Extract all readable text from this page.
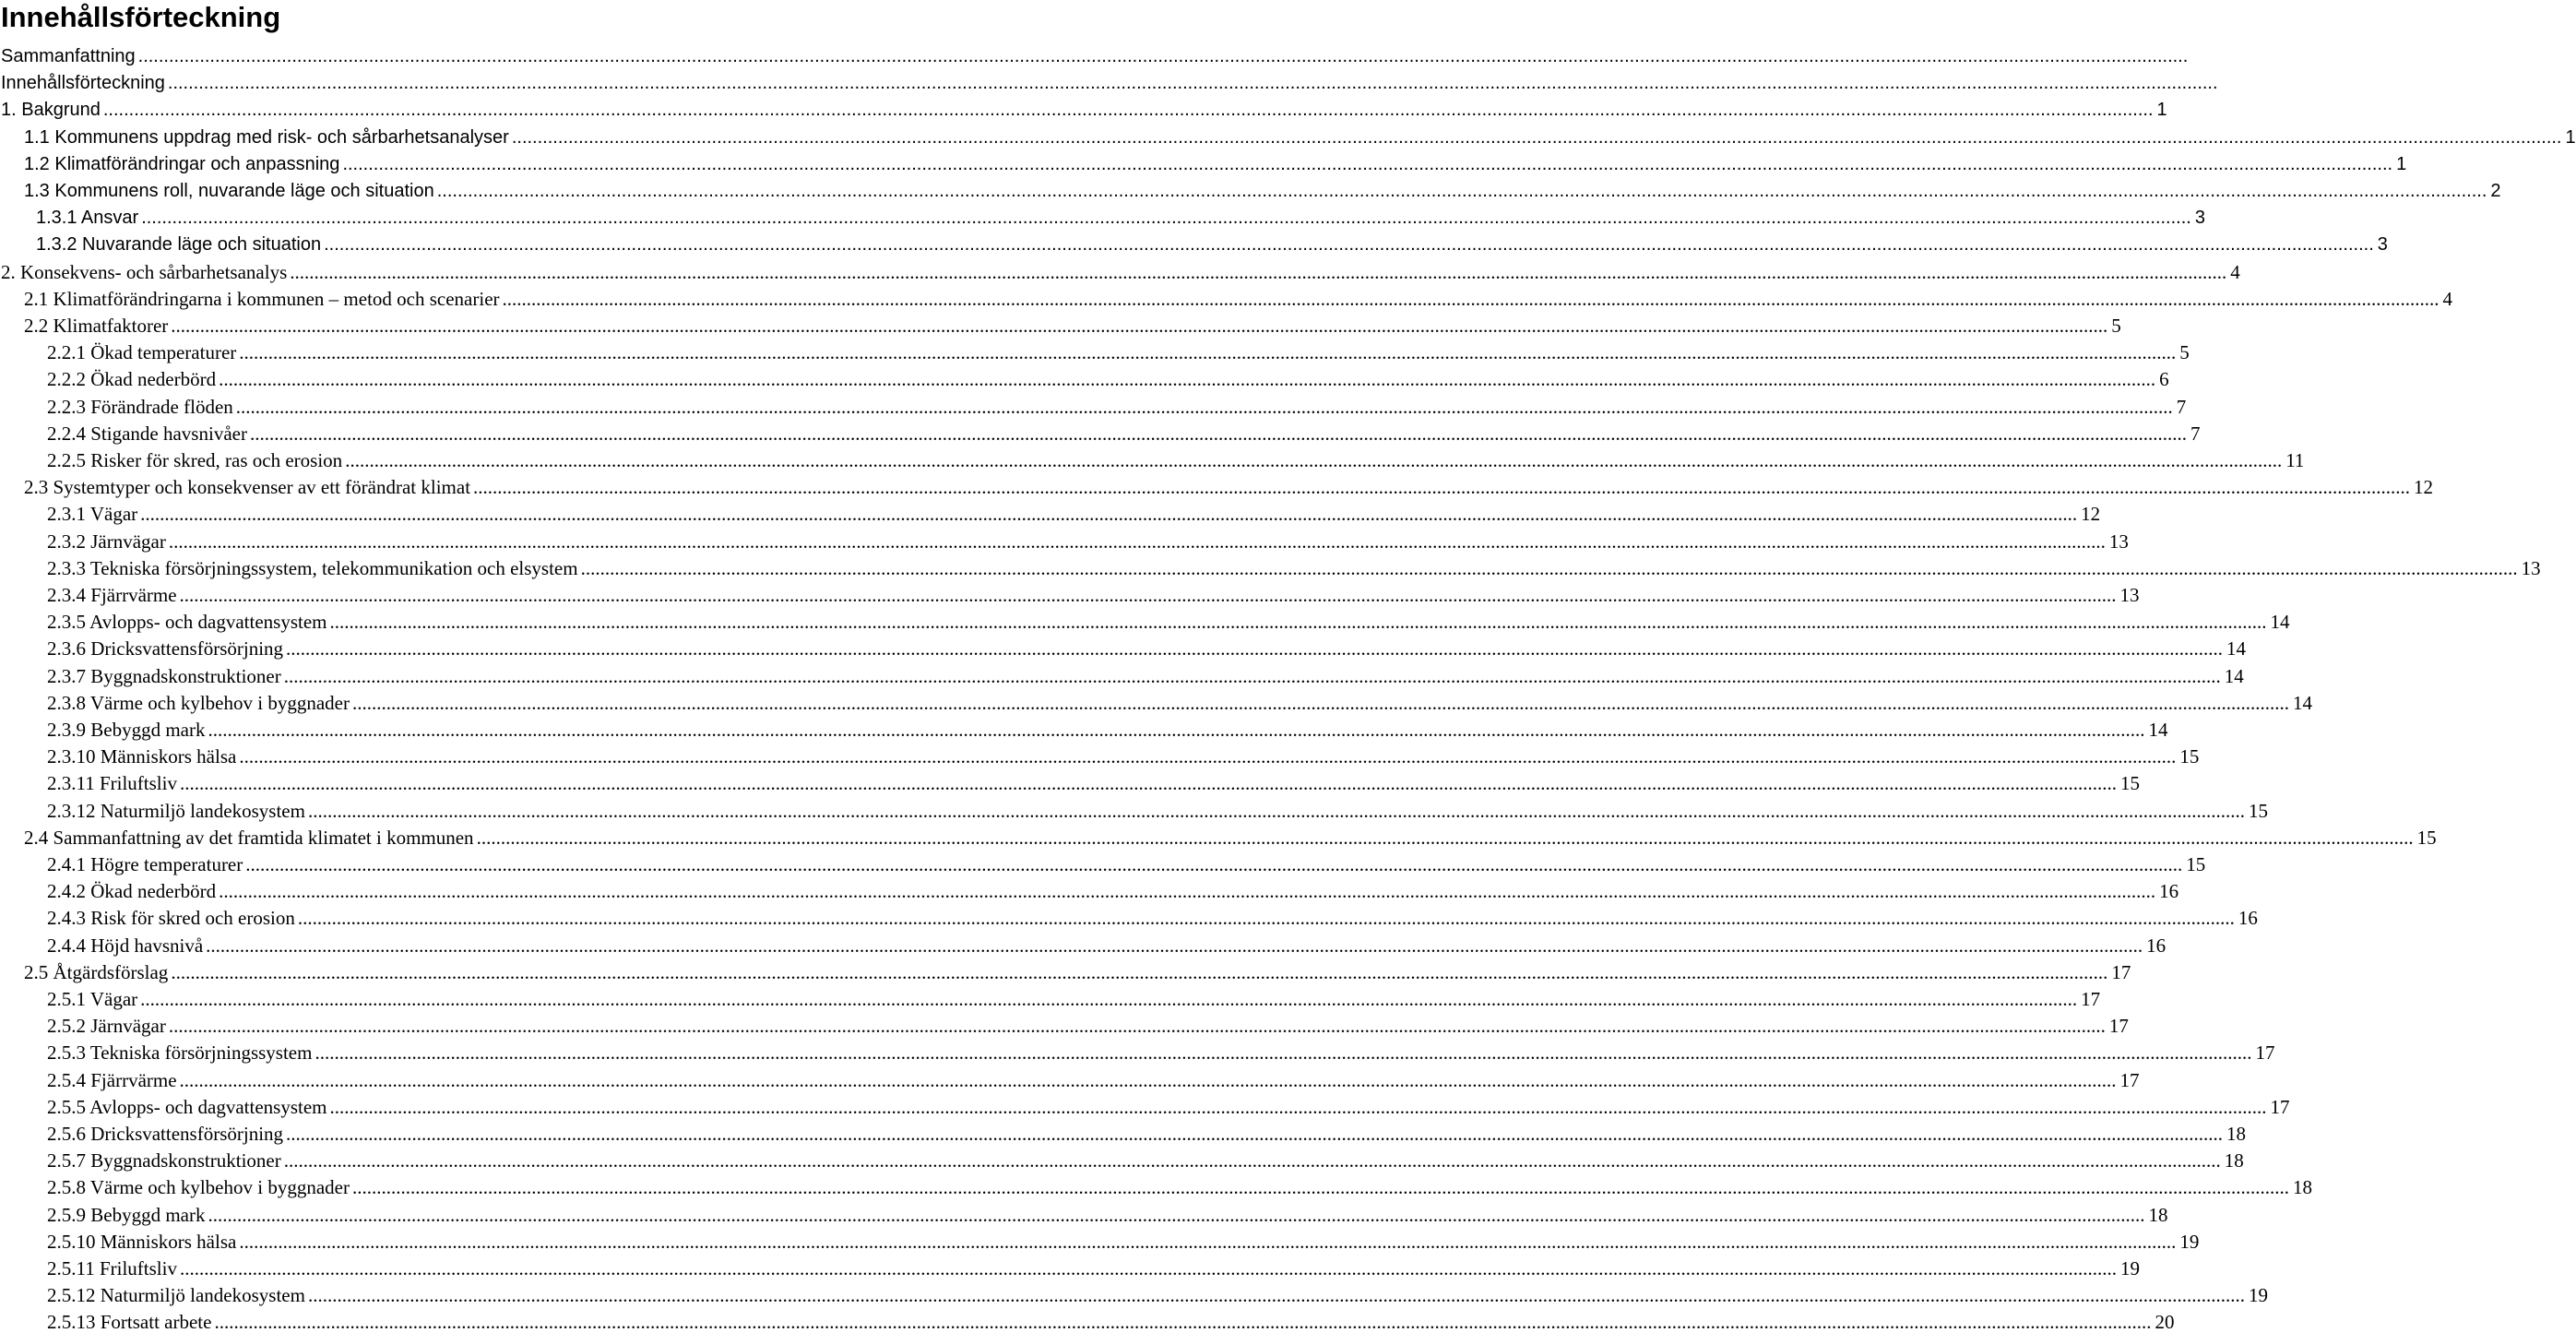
Innehållsförteckning
Sammanfattning ................................................................................................................................................................................................................................................................................................................................................................................................................
Innehållsförteckning ................................................................................................................................................................................................................................................................................................................................................................................................................
1. Bakgrund ................................................................................................................................................................................................................................................................................................................................................................................................................ 1
1.1 Kommunens uppdrag med risk- och sårbarhetsanalyser ................................................................................................................................................................................................................................................................................................................................................................................................................ 1
1.2 Klimatförändringar och anpassning ................................................................................................................................................................................................................................................................................................................................................................................................................ 1
1.3 Kommunens roll, nuvarande läge och situation ................................................................................................................................................................................................................................................................................................................................................................................................................ 2
1.3.1 Ansvar ................................................................................................................................................................................................................................................................................................................................................................................................................ 3
1.3.2 Nuvarande läge och situation ................................................................................................................................................................................................................................................................................................................................................................................................................ 3
2. Konsekvens- och sårbarhetsanalys ................................................................................................................................................................................................................................................................................................................................................................................................................ 4
2.1 Klimatförändringarna i kommunen – metod och scenarier ................................................................................................................................................................................................................................................................................................................................................................................................................ 4
2.2 Klimatfaktorer ................................................................................................................................................................................................................................................................................................................................................................................................................ 5
2.2.1 Ökad temperaturer ................................................................................................................................................................................................................................................................................................................................................................................................................ 5
2.2.2 Ökad nederbörd ................................................................................................................................................................................................................................................................................................................................................................................................................ 6
2.2.3 Förändrade flöden ................................................................................................................................................................................................................................................................................................................................................................................................................ 7
2.2.4 Stigande havsnivåer ................................................................................................................................................................................................................................................................................................................................................................................................................ 7
2.2.5 Risker för skred, ras och erosion ................................................................................................................................................................................................................................................................................................................................................................................................................ 11
2.3 Systemtyper och konsekvenser av ett förändrat klimat ................................................................................................................................................................................................................................................................................................................................................................................................................ 12
2.3.1 Vägar ................................................................................................................................................................................................................................................................................................................................................................................................................ 12
2.3.2 Järnvägar ................................................................................................................................................................................................................................................................................................................................................................................................................ 13
2.3.3 Tekniska försörjningssystem, telekommunikation och elsystem ................................................................................................................................................................................................................................................................................................................................................................................................................ 13
2.3.4 Fjärrvärme ................................................................................................................................................................................................................................................................................................................................................................................................................ 13
2.3.5 Avlopps- och dagvattensystem ................................................................................................................................................................................................................................................................................................................................................................................................................ 14
2.3.6 Dricksvattensförsörjning ................................................................................................................................................................................................................................................................................................................................................................................................................ 14
2.3.7 Byggnadskonstruktioner ................................................................................................................................................................................................................................................................................................................................................................................................................ 14
2.3.8 Värme och kylbehov i byggnader ................................................................................................................................................................................................................................................................................................................................................................................................................ 14
2.3.9 Bebyggd mark ................................................................................................................................................................................................................................................................................................................................................................................................................ 14
2.3.10 Människors hälsa ................................................................................................................................................................................................................................................................................................................................................................................................................ 15
2.3.11 Friluftsliv ................................................................................................................................................................................................................................................................................................................................................................................................................ 15
2.3.12 Naturmiljö landekosystem ................................................................................................................................................................................................................................................................................................................................................................................................................ 15
2.4 Sammanfattning av det framtida klimatet i kommunen ................................................................................................................................................................................................................................................................................................................................................................................................................ 15
2.4.1 Högre temperaturer ................................................................................................................................................................................................................................................................................................................................................................................................................ 15
2.4.2 Ökad nederbörd ................................................................................................................................................................................................................................................................................................................................................................................................................ 16
2.4.3 Risk för skred och erosion ................................................................................................................................................................................................................................................................................................................................................................................................................ 16
2.4.4 Höjd havsnivå ................................................................................................................................................................................................................................................................................................................................................................................................................ 16
2.5 Åtgärdsförslag ................................................................................................................................................................................................................................................................................................................................................................................................................ 17
2.5.1 Vägar ................................................................................................................................................................................................................................................................................................................................................................................................................ 17
2.5.2 Järnvägar ................................................................................................................................................................................................................................................................................................................................................................................................................ 17
2.5.3 Tekniska försörjningssystem ................................................................................................................................................................................................................................................................................................................................................................................................................ 17
2.5.4 Fjärrvärme ................................................................................................................................................................................................................................................................................................................................................................................................................ 17
2.5.5 Avlopps- och dagvattensystem ................................................................................................................................................................................................................................................................................................................................................................................................................ 17
2.5.6 Dricksvattensförsörjning ................................................................................................................................................................................................................................................................................................................................................................................................................ 18
2.5.7 Byggnadskonstruktioner ................................................................................................................................................................................................................................................................................................................................................................................................................ 18
2.5.8 Värme och kylbehov i byggnader ................................................................................................................................................................................................................................................................................................................................................................................................................ 18
2.5.9 Bebyggd mark ................................................................................................................................................................................................................................................................................................................................................................................................................ 18
2.5.10 Människors hälsa ................................................................................................................................................................................................................................................................................................................................................................................................................ 19
2.5.11 Friluftsliv ................................................................................................................................................................................................................................................................................................................................................................................................................ 19
2.5.12 Naturmiljö landekosystem ................................................................................................................................................................................................................................................................................................................................................................................................................ 19
2.5.13 Fortsatt arbete ................................................................................................................................................................................................................................................................................................................................................................................................................ 20
